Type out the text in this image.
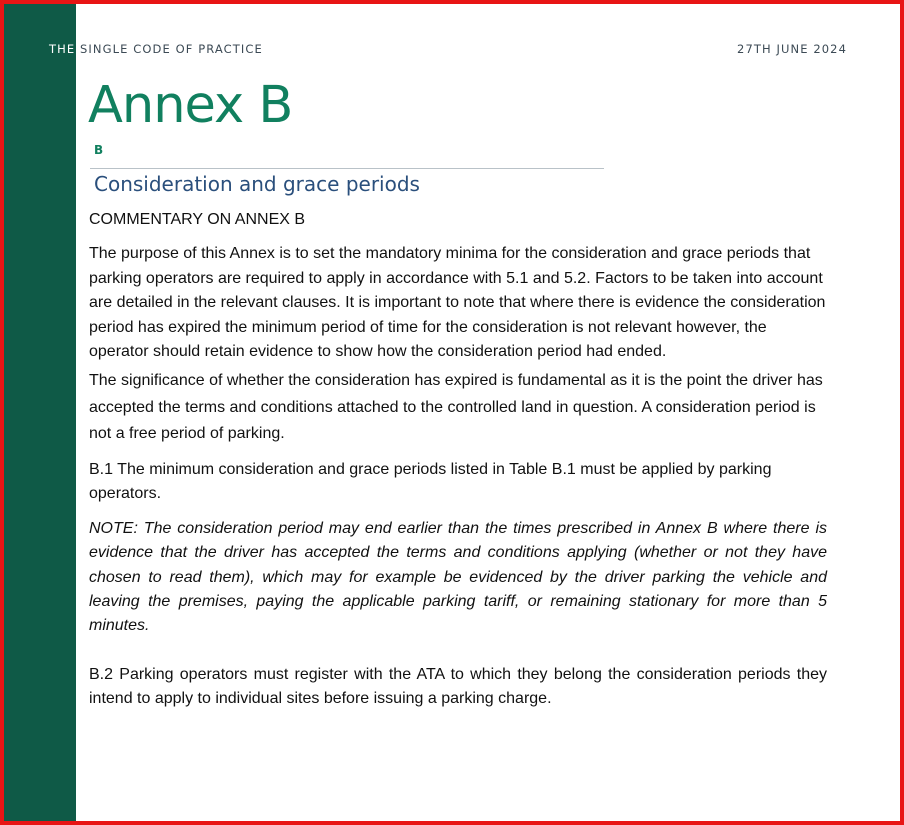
THE SINGLE CODE OF PRACTICE	27TH JUNE 2024
Annex B
B
Consideration and grace periods

COMMENTARY ON ANNEX B

The purpose of this Annex is to set the mandatory minima for the consideration and grace periods that parking operators are required to apply in accordance with 5.1 and 5.2. Factors to be taken into account are detailed in the relevant clauses. It is important to note that where there is evidence the consideration period has expired the minimum period of time for the consideration is not relevant however, the operator should retain evidence to show how the consideration period had ended.

The significance of whether the consideration has expired is fundamental as it is the point the driver has accepted the terms and conditions attached to the controlled land in question. A consideration period is not a free period of parking.

B.1 The minimum consideration and grace periods listed in Table B.1 must be applied by parking operators.

NOTE: The consideration period may end earlier than the times prescribed in Annex B where there is evidence that the driver has accepted the terms and conditions applying (whether or not they have chosen to read them), which may for example be evidenced by the driver parking the vehicle and leaving the premises, paying the applicable parking tariff, or remaining stationary for more than 5 minutes.

B.2 Parking operators must register with the ATA to which they belong the consideration periods they intend to apply to individual sites before issuing a parking charge.
